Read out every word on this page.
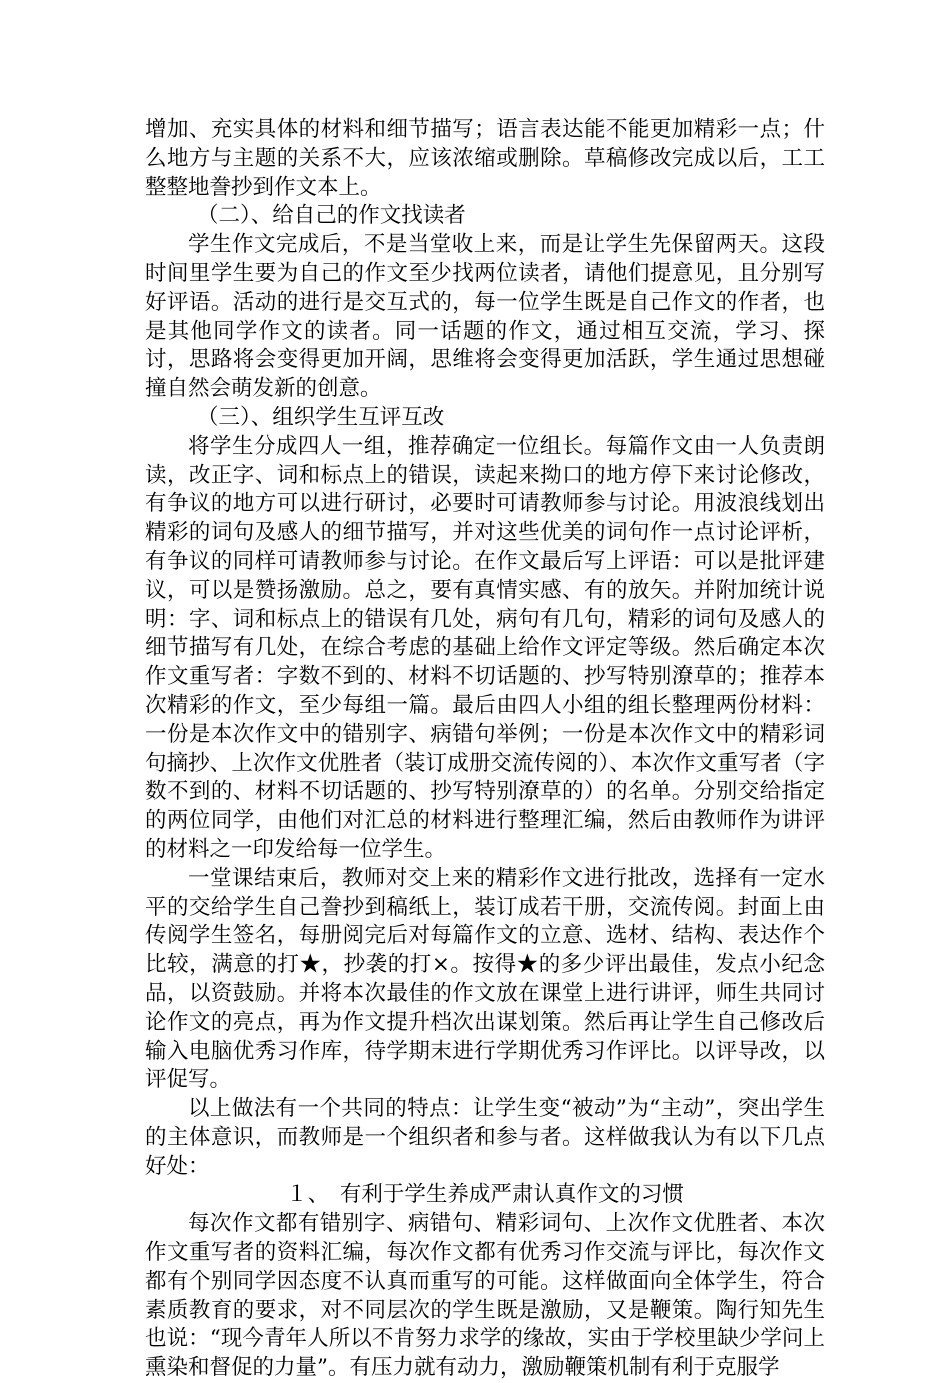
增加、充实具体的材料和细节描写；语言表达能不能更加精彩一点；什么地方与主题的关系不大，应该浓缩或删除。草稿修改完成以后，工工整整地誊抄到作文本上。

（二）、给自己的作文找读者

学生作文完成后，不是当堂收上来，而是让学生先保留两天。这段时间里学生要为自己的作文至少找两位读者，请他们提意见，且分别写好评语。活动的进行是交互式的，每一位学生既是自己作文的作者，也是其他同学作文的读者。同一话题的作文，通过相互交流，学习、探讨，思路将会变得更加开阔，思维将会变得更加活跃，学生通过思想碰撞自然会萌发新的创意。

（三）、组织学生互评互改

将学生分成四人一组，推荐确定一位组长。每篇作文由一人负责朗读，改正字、词和标点上的错误，读起来拗口的地方停下来讨论修改，有争议的地方可以进行研讨，必要时可请教师参与讨论。用波浪线划出精彩的词句及感人的细节描写，并对这些优美的词句作一点讨论评析，有争议的同样可请教师参与讨论。在作文最后写上评语：可以是批评建议，可以是赞扬激励。总之，要有真情实感、有的放矢。并附加统计说明：字、词和标点上的错误有几处，病句有几句，精彩的词句及感人的细节描写有几处，在综合考虑的基础上给作文评定等级。然后确定本次作文重写者：字数不到的、材料不切话题的、抄写特别潦草的；推荐本次精彩的作文，至少每组一篇。最后由四人小组的组长整理两份材料：一份是本次作文中的错别字、病错句举例；一份是本次作文中的精彩词句摘抄、上次作文优胜者（装订成册交流传阅的）、本次作文重写者（字数不到的、材料不切话题的、抄写特别潦草的）的名单。分别交给指定的两位同学，由他们对汇总的材料进行整理汇编，然后由教师作为讲评的材料之一印发给每一位学生。

一堂课结束后，教师对交上来的精彩作文进行批改，选择有一定水平的交给学生自己誊抄到稿纸上，装订成若干册，交流传阅。封面上由传阅学生签名，每册阅完后对每篇作文的立意、选材、结构、表达作个比较，满意的打★，抄袭的打×。按得★的多少评出最佳，发点小纪念品，以资鼓励。并将本次最佳的作文放在课堂上进行讲评，师生共同讨论作文的亮点，再为作文提升档次出谋划策。然后再让学生自己修改后输入电脑优秀习作库，待学期末进行学期优秀习作评比。以评导改，以评促写。

以上做法有一个共同的特点：让学生变“被动”为“主动”，突出学生的主体意识，而教师是一个组织者和参与者。这样做我认为有以下几点好处：

１、　有利于学生养成严肃认真作文的习惯

每次作文都有错别字、病错句、精彩词句、上次作文优胜者、本次作文重写者的资料汇编，每次作文都有优秀习作交流与评比，每次作文都有个别同学因态度不认真而重写的可能。这样做面向全体学生，符合素质教育的要求，对不同层次的学生既是激励，又是鞭策。陶行知先生也说：“现今青年人所以不肯努力求学的缘故，实由于学校里缺少学问上熏染和督促的力量”。有压力就有动力，激励鞭策机制有利于克服学
